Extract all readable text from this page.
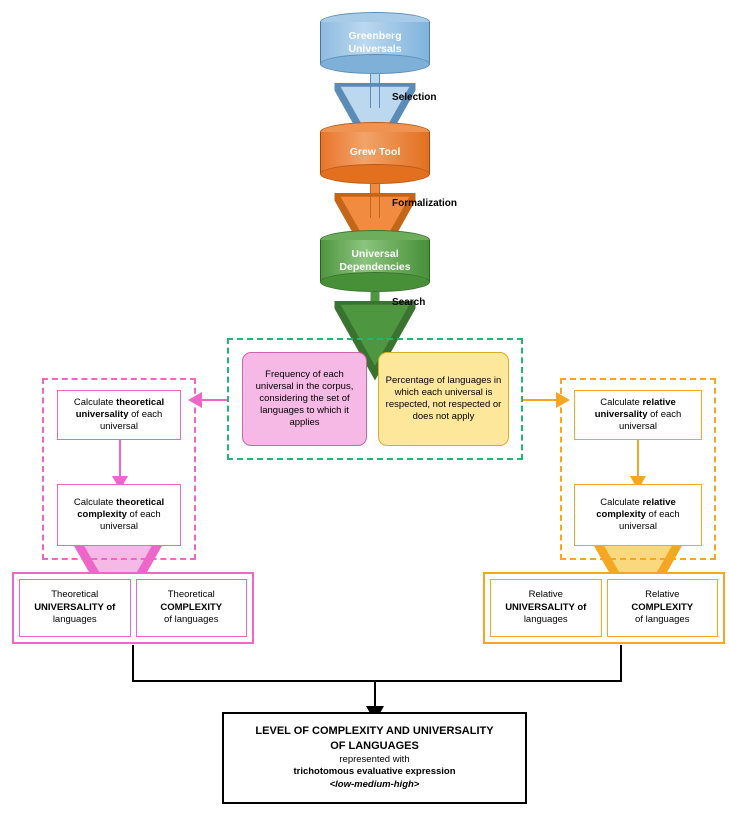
Greenberg
Universals
Grew Tool
Universal
Dependencies
Selection
Formalization
Search
Frequency of each universal in the corpus, considering the set of languages to which it applies
Percentage of languages in which each universal is respected, not respected or does not apply
Calculate theoretical universality of each universal
Calculate theoretical complexity of each universal
Calculate relative universality of each universal
Calculate relative complexity of each universal
Theoretical
UNIVERSALITY of
languages
Theoretical
COMPLEXITY
of languages
Relative
UNIVERSALITY of
languages
Relative
COMPLEXITY
of languages
LEVEL OF COMPLEXITY AND UNIVERSALITY
OF LANGUAGES
represented with
trichotomous evaluative expression
<low-medium-high>
